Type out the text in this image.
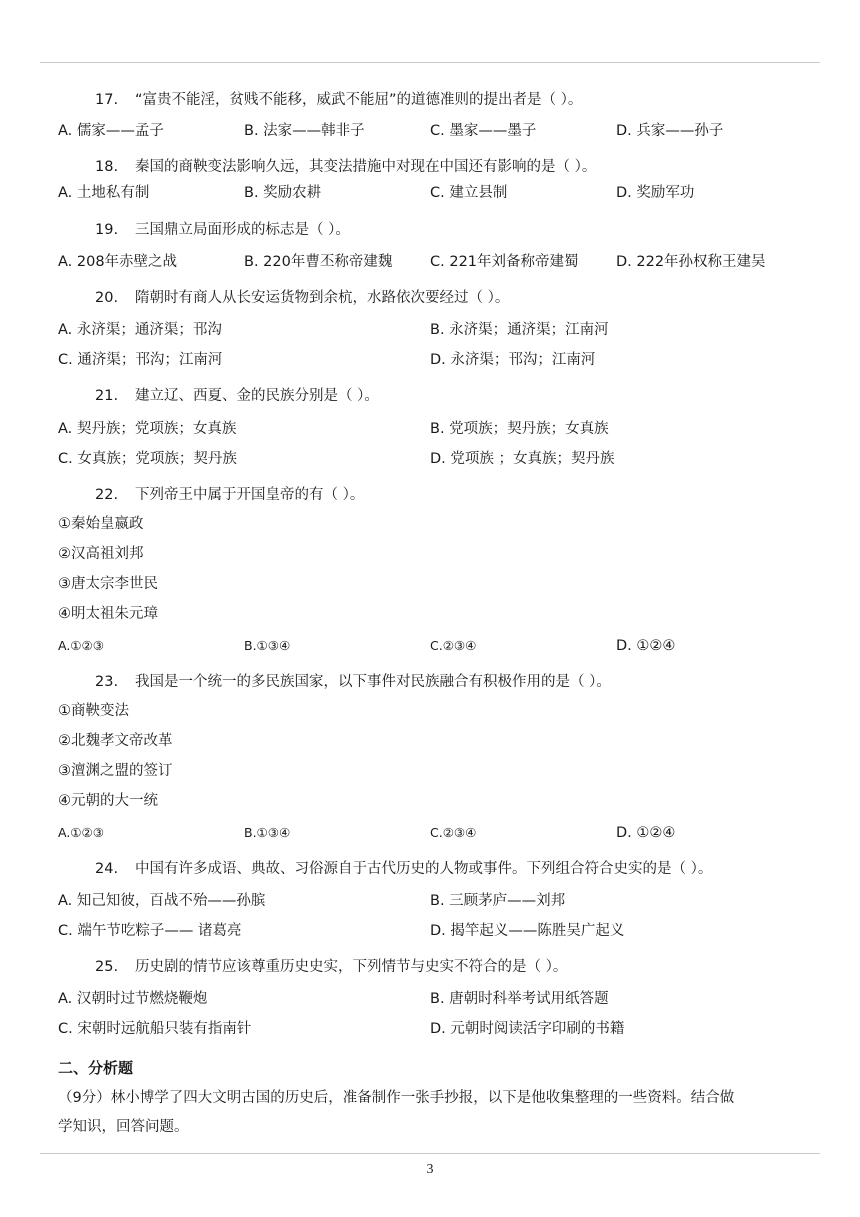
17. “富贵不能淫，贫贱不能移，威武不能屈”的道德准则的提出者是（ ）。
A. 儒家——孟子	B. 法家——韩非子	C. 墨家——墨子	D. 兵家——孙子
18. 秦国的商鞅变法影响久远，其变法措施中对现在中国还有影响的是（ ）。
A. 土地私有制	B. 奖励农耕	C. 建立县制	D. 奖励军功
19. 三国鼎立局面形成的标志是（ ）。
A. 208年赤壁之战	B. 220年曹丕称帝建魏	C. 221年刘备称帝建蜀	D. 222年孙权称王建吴
20. 隋朝时有商人从长安运货物到余杭，水路依次要经过（ ）。
A. 永济渠；通济渠；邗沟	B. 永济渠；通济渠；江南河
C. 通济渠；邗沟；江南河	D. 永济渠；邗沟；江南河
21. 建立辽、西夏、金的民族分别是（ ）。
A. 契丹族；党项族；女真族	B. 党项族；契丹族；女真族
C. 女真族；党项族；契丹族	D. 党项族 ；女真族；契丹族
22. 下列帝王中属于开国皇帝的有（ ）。
①秦始皇嬴政
②汉高祖刘邦
③唐太宗李世民
④明太祖朱元璋
A.①②③	B.①③④	C.②③④	D. ①②④
23. 我国是一个统一的多民族国家，以下事件对民族融合有积极作用的是（ ）。
①商鞅变法
②北魏孝文帝改革
③澶渊之盟的签订
④元朝的大一统
A.①②③	B.①③④	C.②③④	D. ①②④
24. 中国有许多成语、典故、习俗源自于古代历史的人物或事件。下列组合符合史实的是（ ）。
A. 知己知彼，百战不殆——孙膑	B. 三顾茅庐——刘邦
C. 端午节吃粽子—— 诸葛亮	D. 揭竿起义——陈胜吴广起义
25. 历史剧的情节应该尊重历史史实，下列情节与史实不符合的是（ ）。
A. 汉朝时过节燃烧鞭炮	B. 唐朝时科举考试用纸答题
C. 宋朝时远航船只装有指南针	D. 元朝时阅读活字印刷的书籍
二、分析题
（9分）林小博学了四大文明古国的历史后，准备制作一张手抄报，以下是他收集整理的一些资料。结合做
学知识，回答问题。
3
